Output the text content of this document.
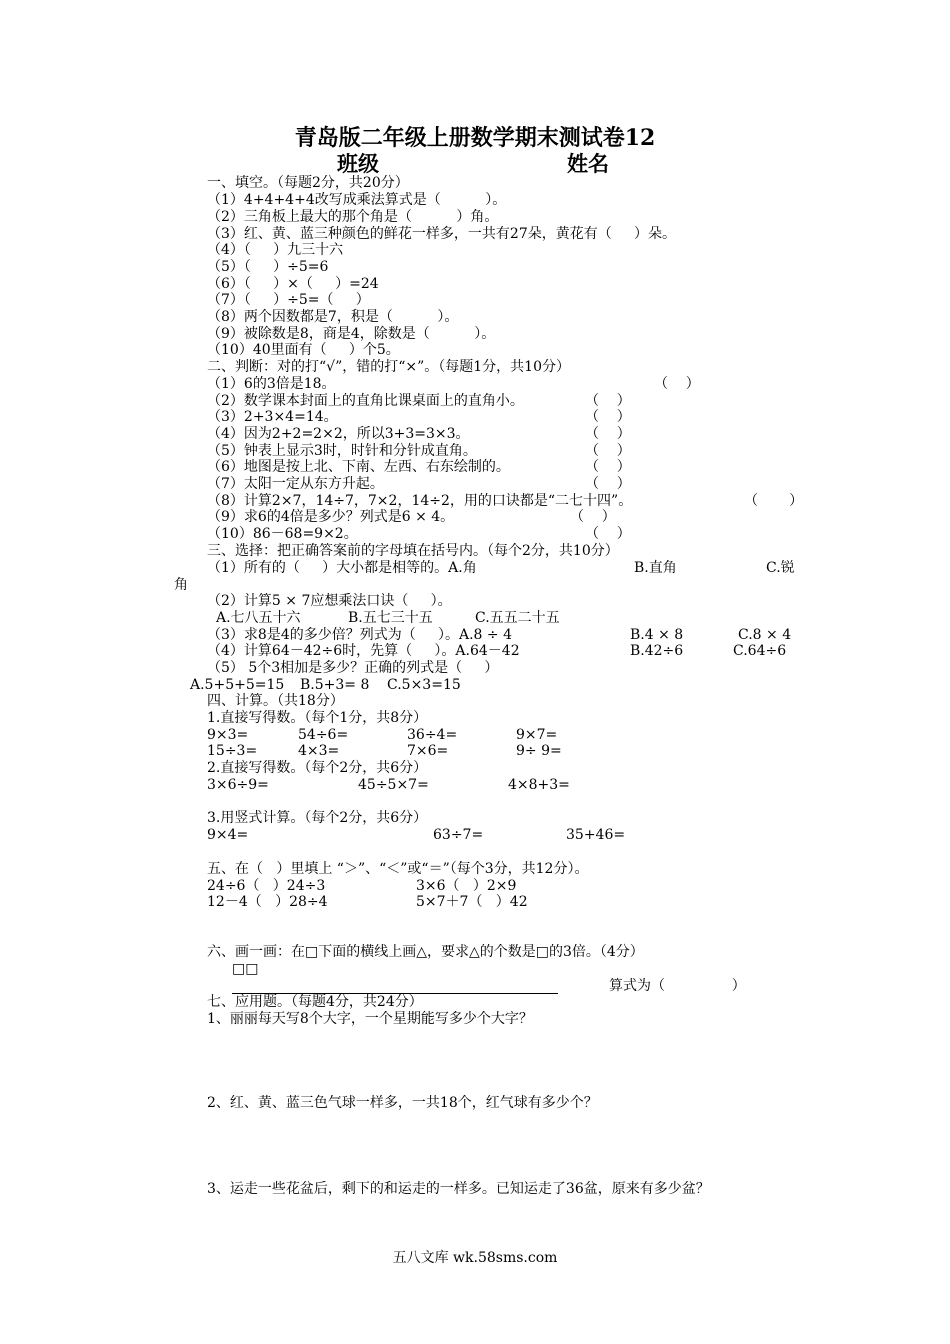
青岛版二年级上册数学期末测试卷12
班级	姓名
一、填空。（每题2分，共20分）
（1）4+4+4+4改写成乘法算式是（          ）。
（2）三角板上最大的那个角是（          ）角。
（3）红、黄、蓝三种颜色的鲜花一样多，一共有27朵，黄花有（     ）朵。
（4）（     ）九三十六
（5）（     ）÷5=6
（6）（     ）×（     ）=24
（7）（     ）÷5=（     ）
（8）两个因数都是7，积是（          ）。
（9）被除数是8，商是4，除数是（          ）。
（10）40里面有（     ）个5。
二、判断：对的打“√”，错的打“×”。（每题1分，共10分）
（1）6的3倍是18。	（    ）
（2）数学课本封面上的直角比课桌面上的直角小。	（    ）
（3）2+3×4=14。	（    ）
（4）因为2+2=2×2，所以3+3=3×3。	（    ）
（5）钟表上显示3时，时针和分针成直角。	（    ）
（6）地图是按上北、下南、左西、右东绘制的。	（    ）
（7）太阳一定从东方升起。	（    ）
（8）计算2×7，14÷7，7×2，14÷2，用的口诀都是“二七十四”。	（       ）
（9）求6的4倍是多少？列式是6 × 4。	（    ）
（10）86－68=9×2。	（    ）
三、选择：把正确答案前的字母填在括号内。（每个2分，共10分）
（1）所有的（     ）大小都是相等的。A.角	B.直角	C.锐
角
（2）计算5 × 7应想乘法口诀（     ）。
A.七八五十六	B.五七三十五	C.五五二十五
（3）求8是4的多少倍？列式为（     ）。A.8 ÷ 4	B.4 × 8	C.8 × 4
（4）计算64－42÷6时，先算（     ）。A.64－42	B.42÷6	C.64÷6
（5） 5个3相加是多少？正确的列式是（     ）
A.5+5+5=15 B.5+3= 8 C.5×3=15
四、计算。（共18分）
1.直接写得数。（每个1分，共8分）
9×3=	54÷6=	36÷4=	9×7=
15÷3=	4×3=	7×6=	9÷ 9=
2.直接写得数。（每个2分，共6分）
3×6÷9=	45÷5×7=	4×8+3=
3.用竖式计算。（每个2分，共6分）
9×4=	63÷7=	35+46=
五、在（   ）里填上 “＞”、“＜”或“＝”（每个3分，共12分）。
24÷6（   ）24÷3	3×6（   ）2×9
12－4（   ）28÷4	5×7＋7（   ）42
六、画一画：在□下面的横线上画△，要求△的个数是□的3倍。（4分）
□□
算式为（               ）
七、应用题。（每题4分，共24分）
1、丽丽每天写8个大字，一个星期能写多少个大字？
2、红、黄、蓝三色气球一样多，一共18个，红气球有多少个？
3、运走一些花盆后，剩下的和运走的一样多。已知运走了36盆，原来有多少盆？
五八文库 wk.58sms.com
